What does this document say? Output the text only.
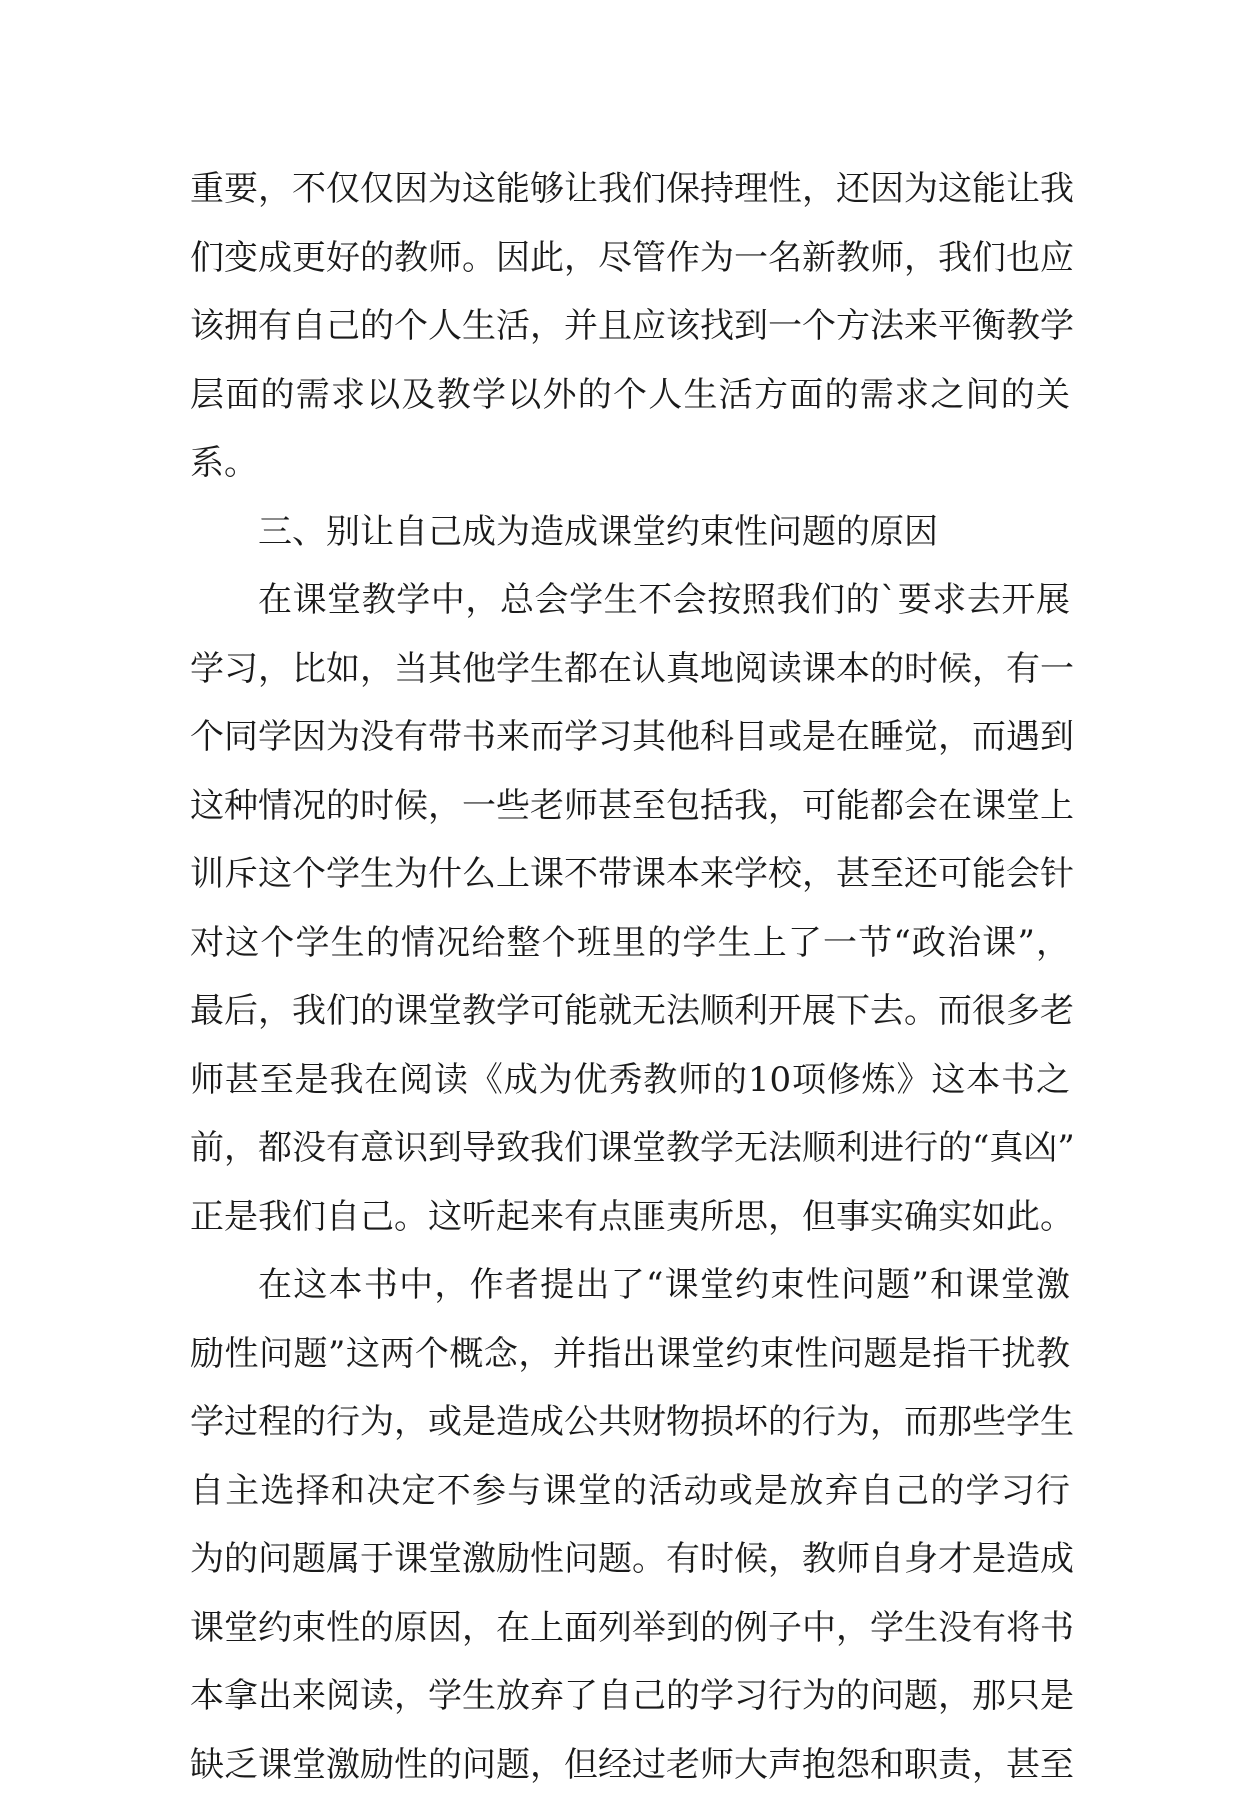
重要，不仅仅因为这能够让我们保持理性，还因为这能让我
们变成更好的教师。因此，尽管作为一名新教师，我们也应
该拥有自己的个人生活，并且应该找到一个方法来平衡教学
层面的需求以及教学以外的个人生活方面的需求之间的关
系。
三、别让自己成为造成课堂约束性问题的原因
在课堂教学中，总会学生不会按照我们的`要求去开展
学习，比如，当其他学生都在认真地阅读课本的时候，有一
个同学因为没有带书来而学习其他科目或是在睡觉，而遇到
这种情况的时候，一些老师甚至包括我，可能都会在课堂上
训斥这个学生为什么上课不带课本来学校，甚至还可能会针
对这个学生的情况给整个班里的学生上了一节“政治课”，
最后，我们的课堂教学可能就无法顺利开展下去。而很多老
师甚至是我在阅读《成为优秀教师的10项修炼》这本书之
前，都没有意识到导致我们课堂教学无法顺利进行的“真凶”
正是我们自己。这听起来有点匪夷所思，但事实确实如此。
在这本书中，作者提出了“课堂约束性问题”和课堂激
励性问题”这两个概念，并指出课堂约束性问题是指干扰教
学过程的行为，或是造成公共财物损坏的行为，而那些学生
自主选择和决定不参与课堂的活动或是放弃自己的学习行
为的问题属于课堂激励性问题。有时候，教师自身才是造成
课堂约束性的原因，在上面列举到的例子中，学生没有将书
本拿出来阅读，学生放弃了自己的学习行为的问题，那只是
缺乏课堂激励性的问题，但经过老师大声抱怨和职责，甚至
